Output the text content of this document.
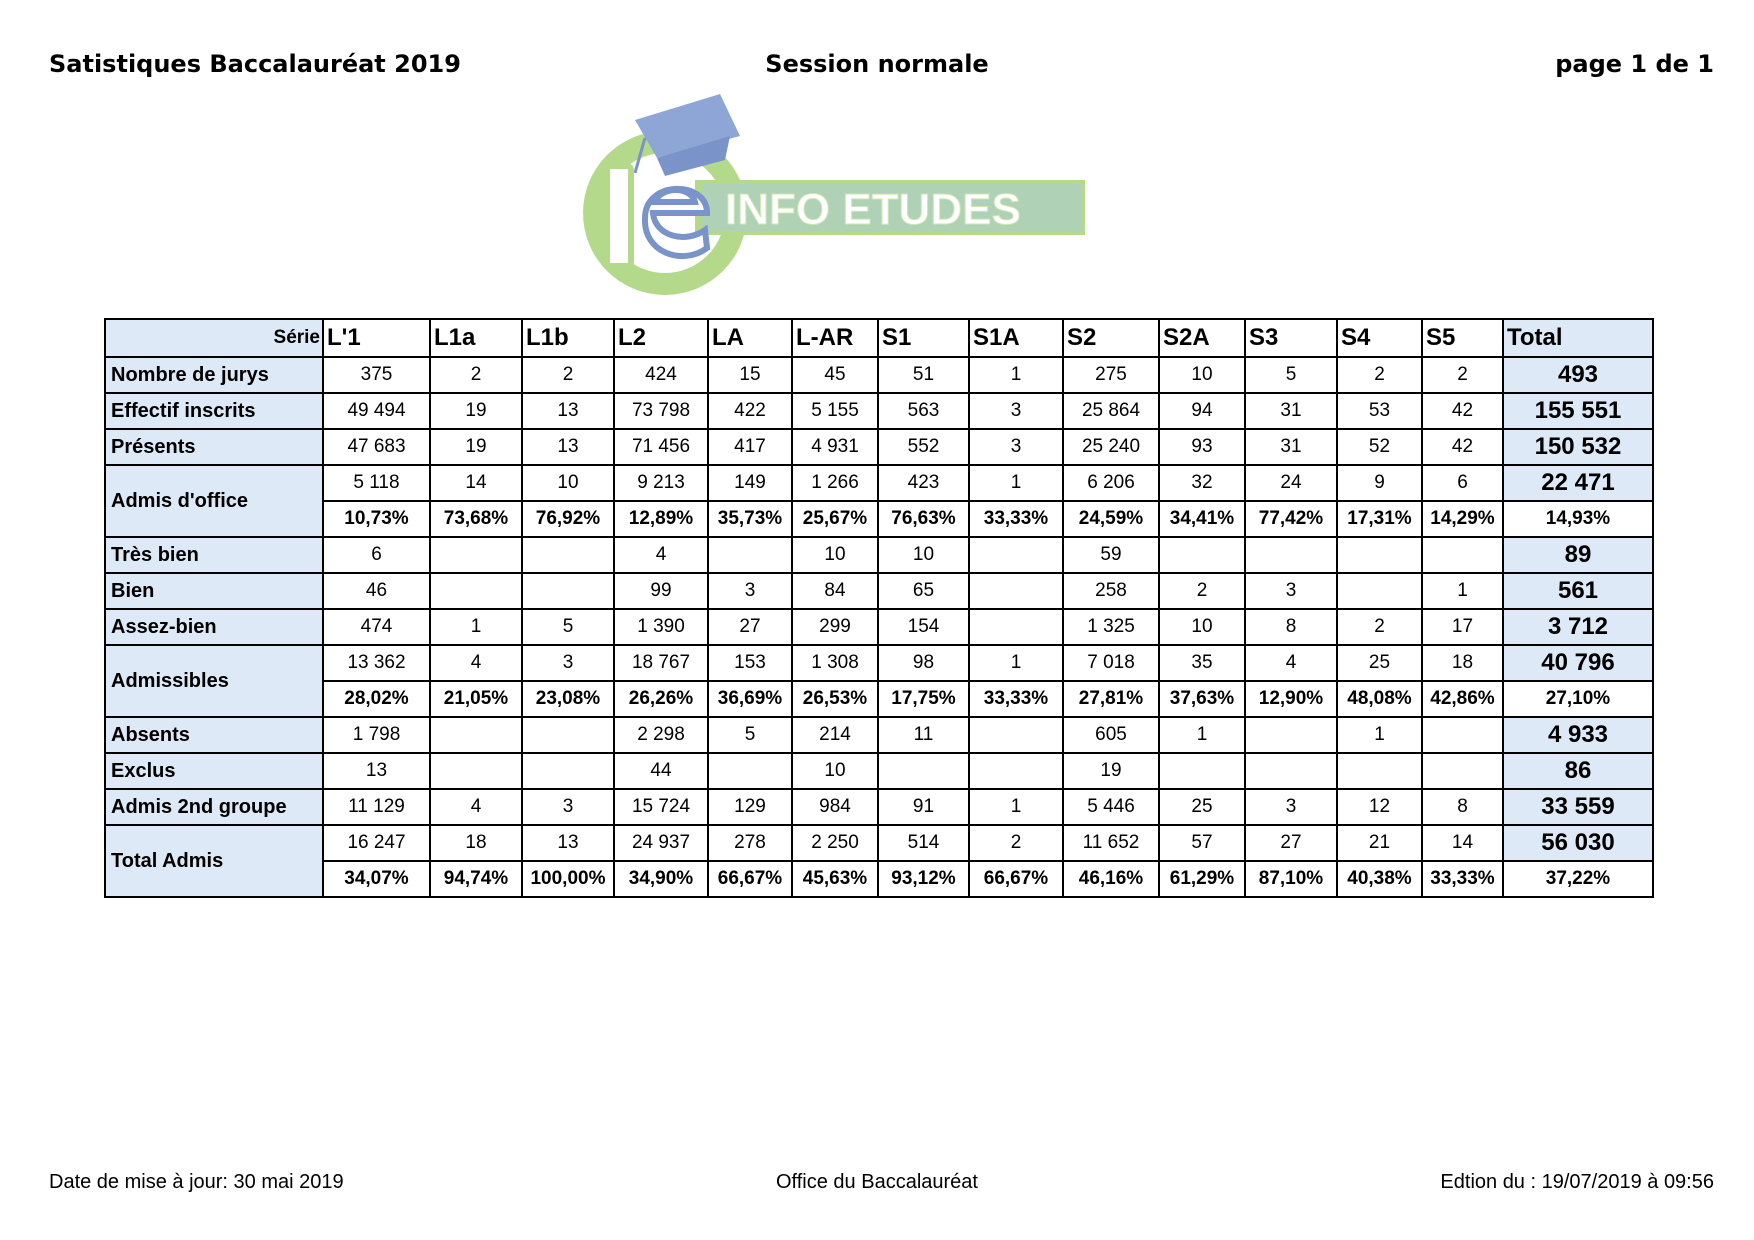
Satistiques Baccalauréat 2019	Session normale	page 1 de 1
INFO ETUDES
Série	L'1	L1a	L1b	L2	LA	L-AR	S1	S1A	S2	S2A	S3	S4	S5	Total
Nombre de jurys	375	2	2	424	15	45	51	1	275	10	5	2	2	493
Effectif inscrits	49 494	19	13	73 798	422	5 155	563	3	25 864	94	31	53	42	155 551
Présents	47 683	19	13	71 456	417	4 931	552	3	25 240	93	31	52	42	150 532
Admis d'office	5 118	14	10	9 213	149	1 266	423	1	6 206	32	24	9	6	22 471
	10,73%	73,68%	76,92%	12,89%	35,73%	25,67%	76,63%	33,33%	24,59%	34,41%	77,42%	17,31%	14,29%	14,93%
Très bien	6			4		10	10		59					89
Bien	46			99	3	84	65		258	2	3		1	561
Assez-bien	474	1	5	1 390	27	299	154		1 325	10	8	2	17	3 712
Admissibles	13 362	4	3	18 767	153	1 308	98	1	7 018	35	4	25	18	40 796
	28,02%	21,05%	23,08%	26,26%	36,69%	26,53%	17,75%	33,33%	27,81%	37,63%	12,90%	48,08%	42,86%	27,10%
Absents	1 798			2 298	5	214	11		605	1		1		4 933
Exclus	13			44		10			19					86
Admis 2nd groupe	11 129	4	3	15 724	129	984	91	1	5 446	25	3	12	8	33 559
Total Admis	16 247	18	13	24 937	278	2 250	514	2	11 652	57	27	21	14	56 030
	34,07%	94,74%	100,00%	34,90%	66,67%	45,63%	93,12%	66,67%	46,16%	61,29%	87,10%	40,38%	33,33%	37,22%
Date de mise à jour: 30 mai 2019	Office du Baccalauréat	Edtion du : 19/07/2019 à 09:56
